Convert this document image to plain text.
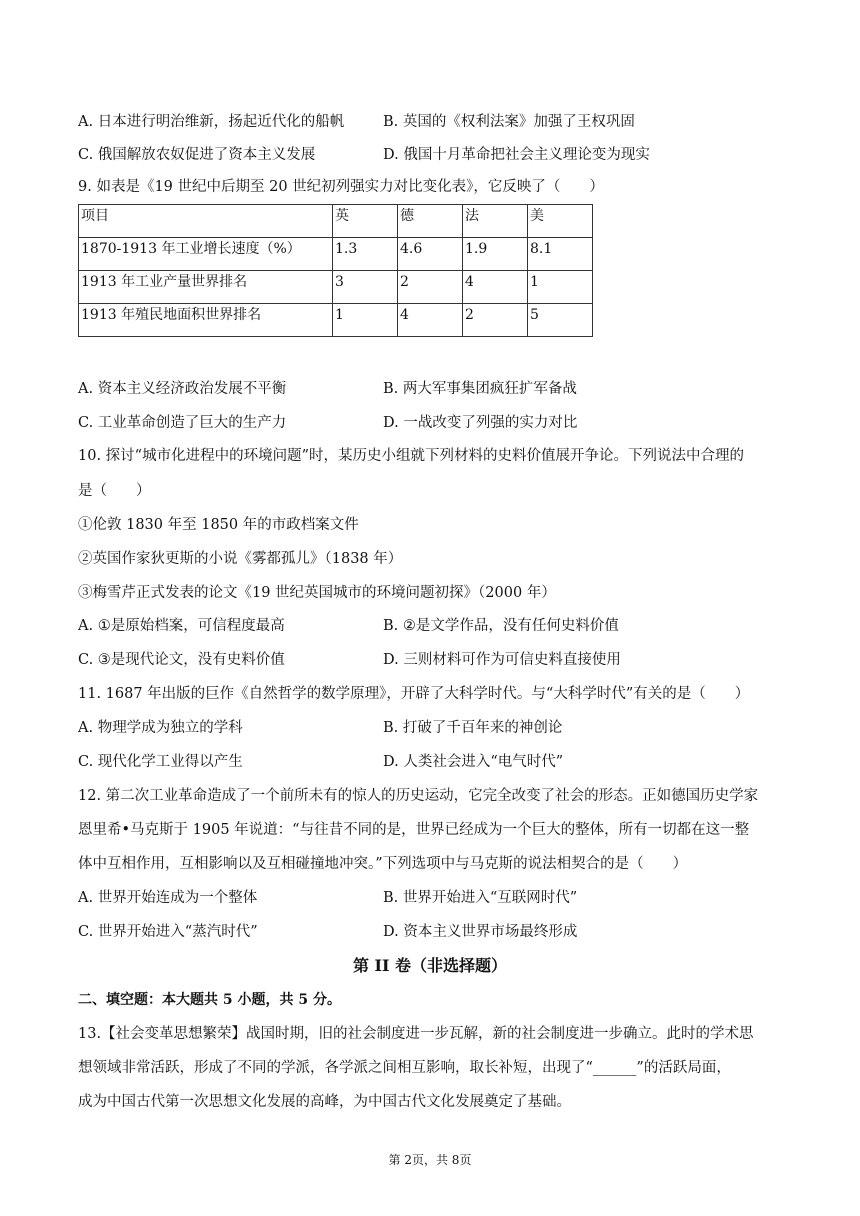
A. 日本进行明治维新，扬起近代化的船帆	B. 英国的《权利法案》加强了王权巩固
C. 俄国解放农奴促进了资本主义发展	D. 俄国十月革命把社会主义理论变为现实
9. 如表是《19 世纪中后期至 20 世纪初列强实力对比变化表》，它反映了（　　）
项目	英	德	法	美
1870-1913 年工业增长速度（%）	1.3	4.6	1.9	8.1
1913 年工业产量世界排名	3	2	4	1
1913 年殖民地面积世界排名	1	4	2	5
A. 资本主义经济政治发展不平衡	B. 两大军事集团疯狂扩军备战
C. 工业革命创造了巨大的生产力	D. 一战改变了列强的实力对比
10. 探讨“城市化进程中的环境问题”时，某历史小组就下列材料的史料价值展开争论。下列说法中合理的
是（　　）
①伦敦 1830 年至 1850 年的市政档案文件
②英国作家狄更斯的小说《雾都孤儿》（1838 年）
③梅雪芹正式发表的论文《19 世纪英国城市的环境问题初探》（2000 年）
A. ①是原始档案，可信程度最高	B. ②是文学作品，没有任何史料价值
C. ③是现代论文，没有史料价值	D. 三则材料可作为可信史料直接使用
11. 1687 年出版的巨作《自然哲学的数学原理》，开辟了大科学时代。与“大科学时代”有关的是（　　）
A. 物理学成为独立的学科	B. 打破了千百年来的神创论
C. 现代化学工业得以产生	D. 人类社会进入“电气时代”
12. 第二次工业革命造成了一个前所未有的惊人的历史运动，它完全改变了社会的形态。正如德国历史学家
恩里希•马克斯于 1905 年说道：“与往昔不同的是，世界已经成为一个巨大的整体，所有一切都在这一整
体中互相作用，互相影响以及互相碰撞地冲突。”下列选项中与马克斯的说法相契合的是（　　）
A. 世界开始连成为一个整体	B. 世界开始进入“互联网时代”
C. 世界开始进入“蒸汽时代”	D. 资本主义世界市场最终形成
第 II 卷（非选择题）
二、填空题：本大题共 5 小题，共 5 分。
13.【社会变革思想繁荣】战国时期，旧的社会制度进一步瓦解，新的社会制度进一步确立。此时的学术思
想领域非常活跃，形成了不同的学派，各学派之间相互影响，取长补短，出现了“______”的活跃局面，
成为中国古代第一次思想文化发展的高峰，为中国古代文化发展奠定了基础。
第 2页，共 8页
